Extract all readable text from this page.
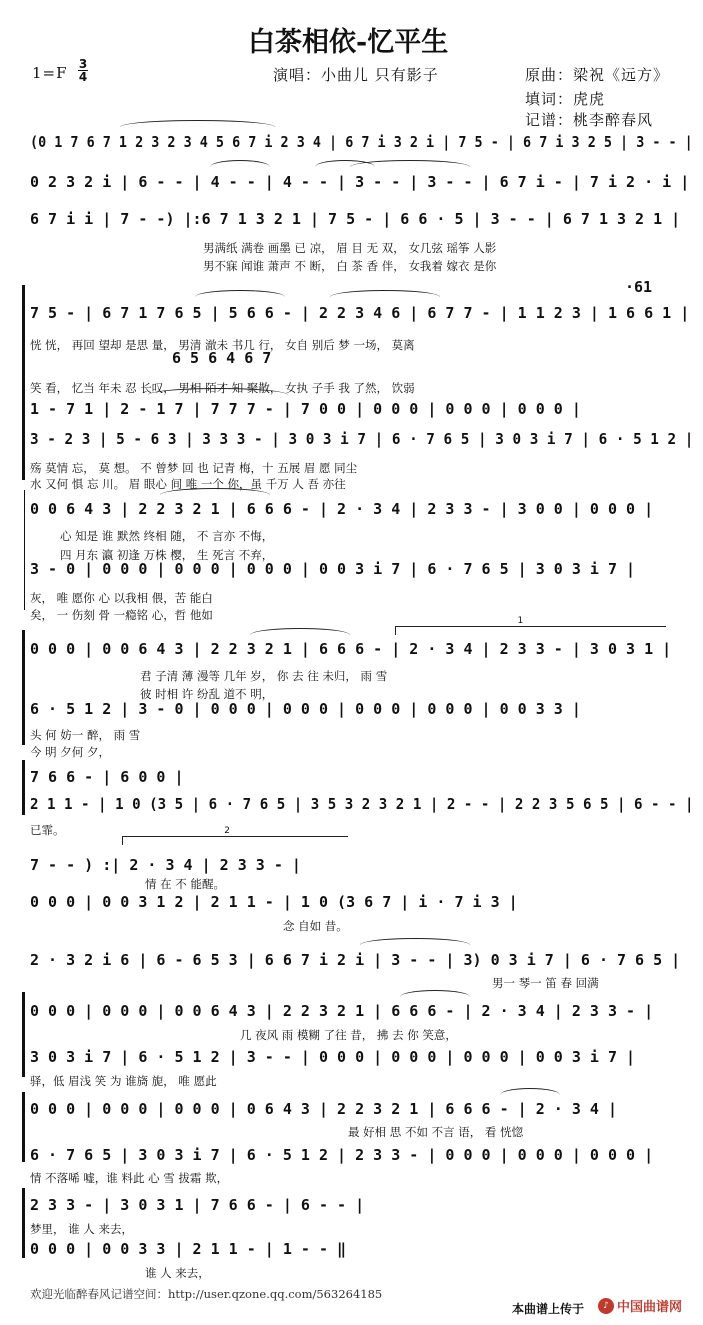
白茶相依-忆平生
1=F 3
4	演唱：小曲儿 只有影子	原曲：梁祝《远方》
填词：虎虎
记谱：桃李醉春风
(0 1 7 6 7 1 2 3 2 3 4 5 6 7 i 2 3 4 | 6 7 i 3 2 i | 7 5 - | 6 7 i 3 2 5 | 3 - - |
0 2 3 2 i | 6 - - | 4 - - | 4 - - | 3 - - | 3 - - | 6 7 i - | 7 i 2 · i |
6 7 i i | 7 - -) |:6 7 1 3 2 1 | 7 5 - | 6 6 · 5 | 3 - - | 6 7 1 3 2 1 |
·61
7 5 - | 6 7 1 7 6 5 | 5 6 6 - | 2 2 3 4 6 | 6 7 7 - | 1 1 2 3 | 1 6 6 1 |
6 5 6 4 6 7
1 - 7 1 | 2 - 1 7 | 7 7 7 - | 7 0 0 | 0 0 0 | 0 0 0 | 0 0 0 |
3 - 2 3 | 5 - 6 3 | 3 3 3 - | 3 0 3 i 7 | 6 · 7 6 5 | 3 0 3 i 7 | 6 · 5 1 2 |
0 0 6 4 3 | 2 2 3 2 1 | 6 6 6 - | 2 · 3 4 | 2 3 3 - | 3 0 0 | 0 0 0 |
3 - 0 | 0 0 0 | 0 0 0 | 0 0 0 | 0 0 3 i 7 | 6 · 7 6 5 | 3 0 3 i 7 |
0 0 0 | 0 0 6 4 3 | 2 2 3 2 1 | 6 6 6 - | 2 · 3 4 | 2 3 3 - | 3 0 3 1 |
6 · 5 1 2 | 3 - 0 | 0 0 0 | 0 0 0 | 0 0 0 | 0 0 0 | 0 0 3 3 |
7 6 6 - | 6 0 0 |
2 1 1 - | 1 0 (3 5 | 6 · 7 6 5 | 3 5 3 2 3 2 1 | 2 - - | 2 2 3 5 6 5 | 6 - - |
7 - - ) :| 2 · 3 4 | 2 3 3 - |
0 0 0 | 0 0 3 1 2 | 2 1 1 - | 1 0 (3 6 7 | i · 7 i 3 |
2 · 3 2 i 6 | 6 - 6 5 3 | 6 6 7 i 2 i | 3 - - | 3) 0 3 i 7 | 6 · 7 6 5 |
0 0 0 | 0 0 0 | 0 0 6 4 3 | 2 2 3 2 1 | 6 6 6 - | 2 · 3 4 | 2 3 3 - |
3 0 3 i 7 | 6 · 5 1 2 | 3 - - | 0 0 0 | 0 0 0 | 0 0 0 | 0 0 3 i 7 |
0 0 0 | 0 0 0 | 0 0 0 | 0 6 4 3 | 2 2 3 2 1 | 6 6 6 - | 2 · 3 4 |
6 · 7 6 5 | 3 0 3 i 7 | 6 · 5 1 2 | 2 3 3 - | 0 0 0 | 0 0 0 | 0 0 0 |
2 3 3 - | 3 0 3 1 | 7 6 6 - | 6 - - |
0 0 0 | 0 0 3 3 | 2 1 1 - | 1 - - ‖
男满纸 满卷 画墨 已 凉， 眉 目 无 双， 女几弦 瑶筝 人影
男不寐 闻谁 萧声 不 断， 白 茶 香 伴， 女我着 嫁衣 是你
恍 恍， 再回 望却 是思 量， 男清 澈未 书几 行， 女自 别后 梦 一场， 莫离
笑 看， 忆当 年未 忍 长叹， 男相 陌才 知 聚散， 女执 子手 我 了然， 饮弱
殇 莫情 忘， 莫 想。 不 曾梦 回 也 记青 梅，十 五展 眉 愿 同尘
水 又何 惧 忘 川。 眉 眼心 间 唯 一个 你，虽 千万 人 吾 亦往
心 知是 谁 默然 终相 随， 不 言亦 不悔，
四 月东 瀛 初逢 万株 樱， 生 死言 不弃，
灰， 唯 愿你 心 以我相 偎，苦 能白
矣， 一 伤刻 骨 一瘾铭 心，哲 他如
君 子清 薄 漫等 几年 岁， 你 去 往 未归， 雨 雪
彼 时相 许 纷乱 道不 明，
头 何 妨一 醉， 雨 雪
今 明 夕何 夕，
已霏。
情 在 不 能醒。
念 自如 昔。
男一 琴一 笛 春 回满
几 夜风 雨 模糊 了往 昔， 拂 去 你 笑意，
驿，低 眉浅 笑 为 谁旖 旎， 唯 愿此
最 好相 思 不如 不言 语， 看 恍惚
情 不落唏 嘘，谁 料此 心 雪 拔霜 欺，
梦里， 谁 人 来去，
谁 人 来去，
1
2
欢迎光临醉春风记谱空间：http://user.qzone.qq.com/563264185
本曲谱上传于	♪ 中国曲谱网
